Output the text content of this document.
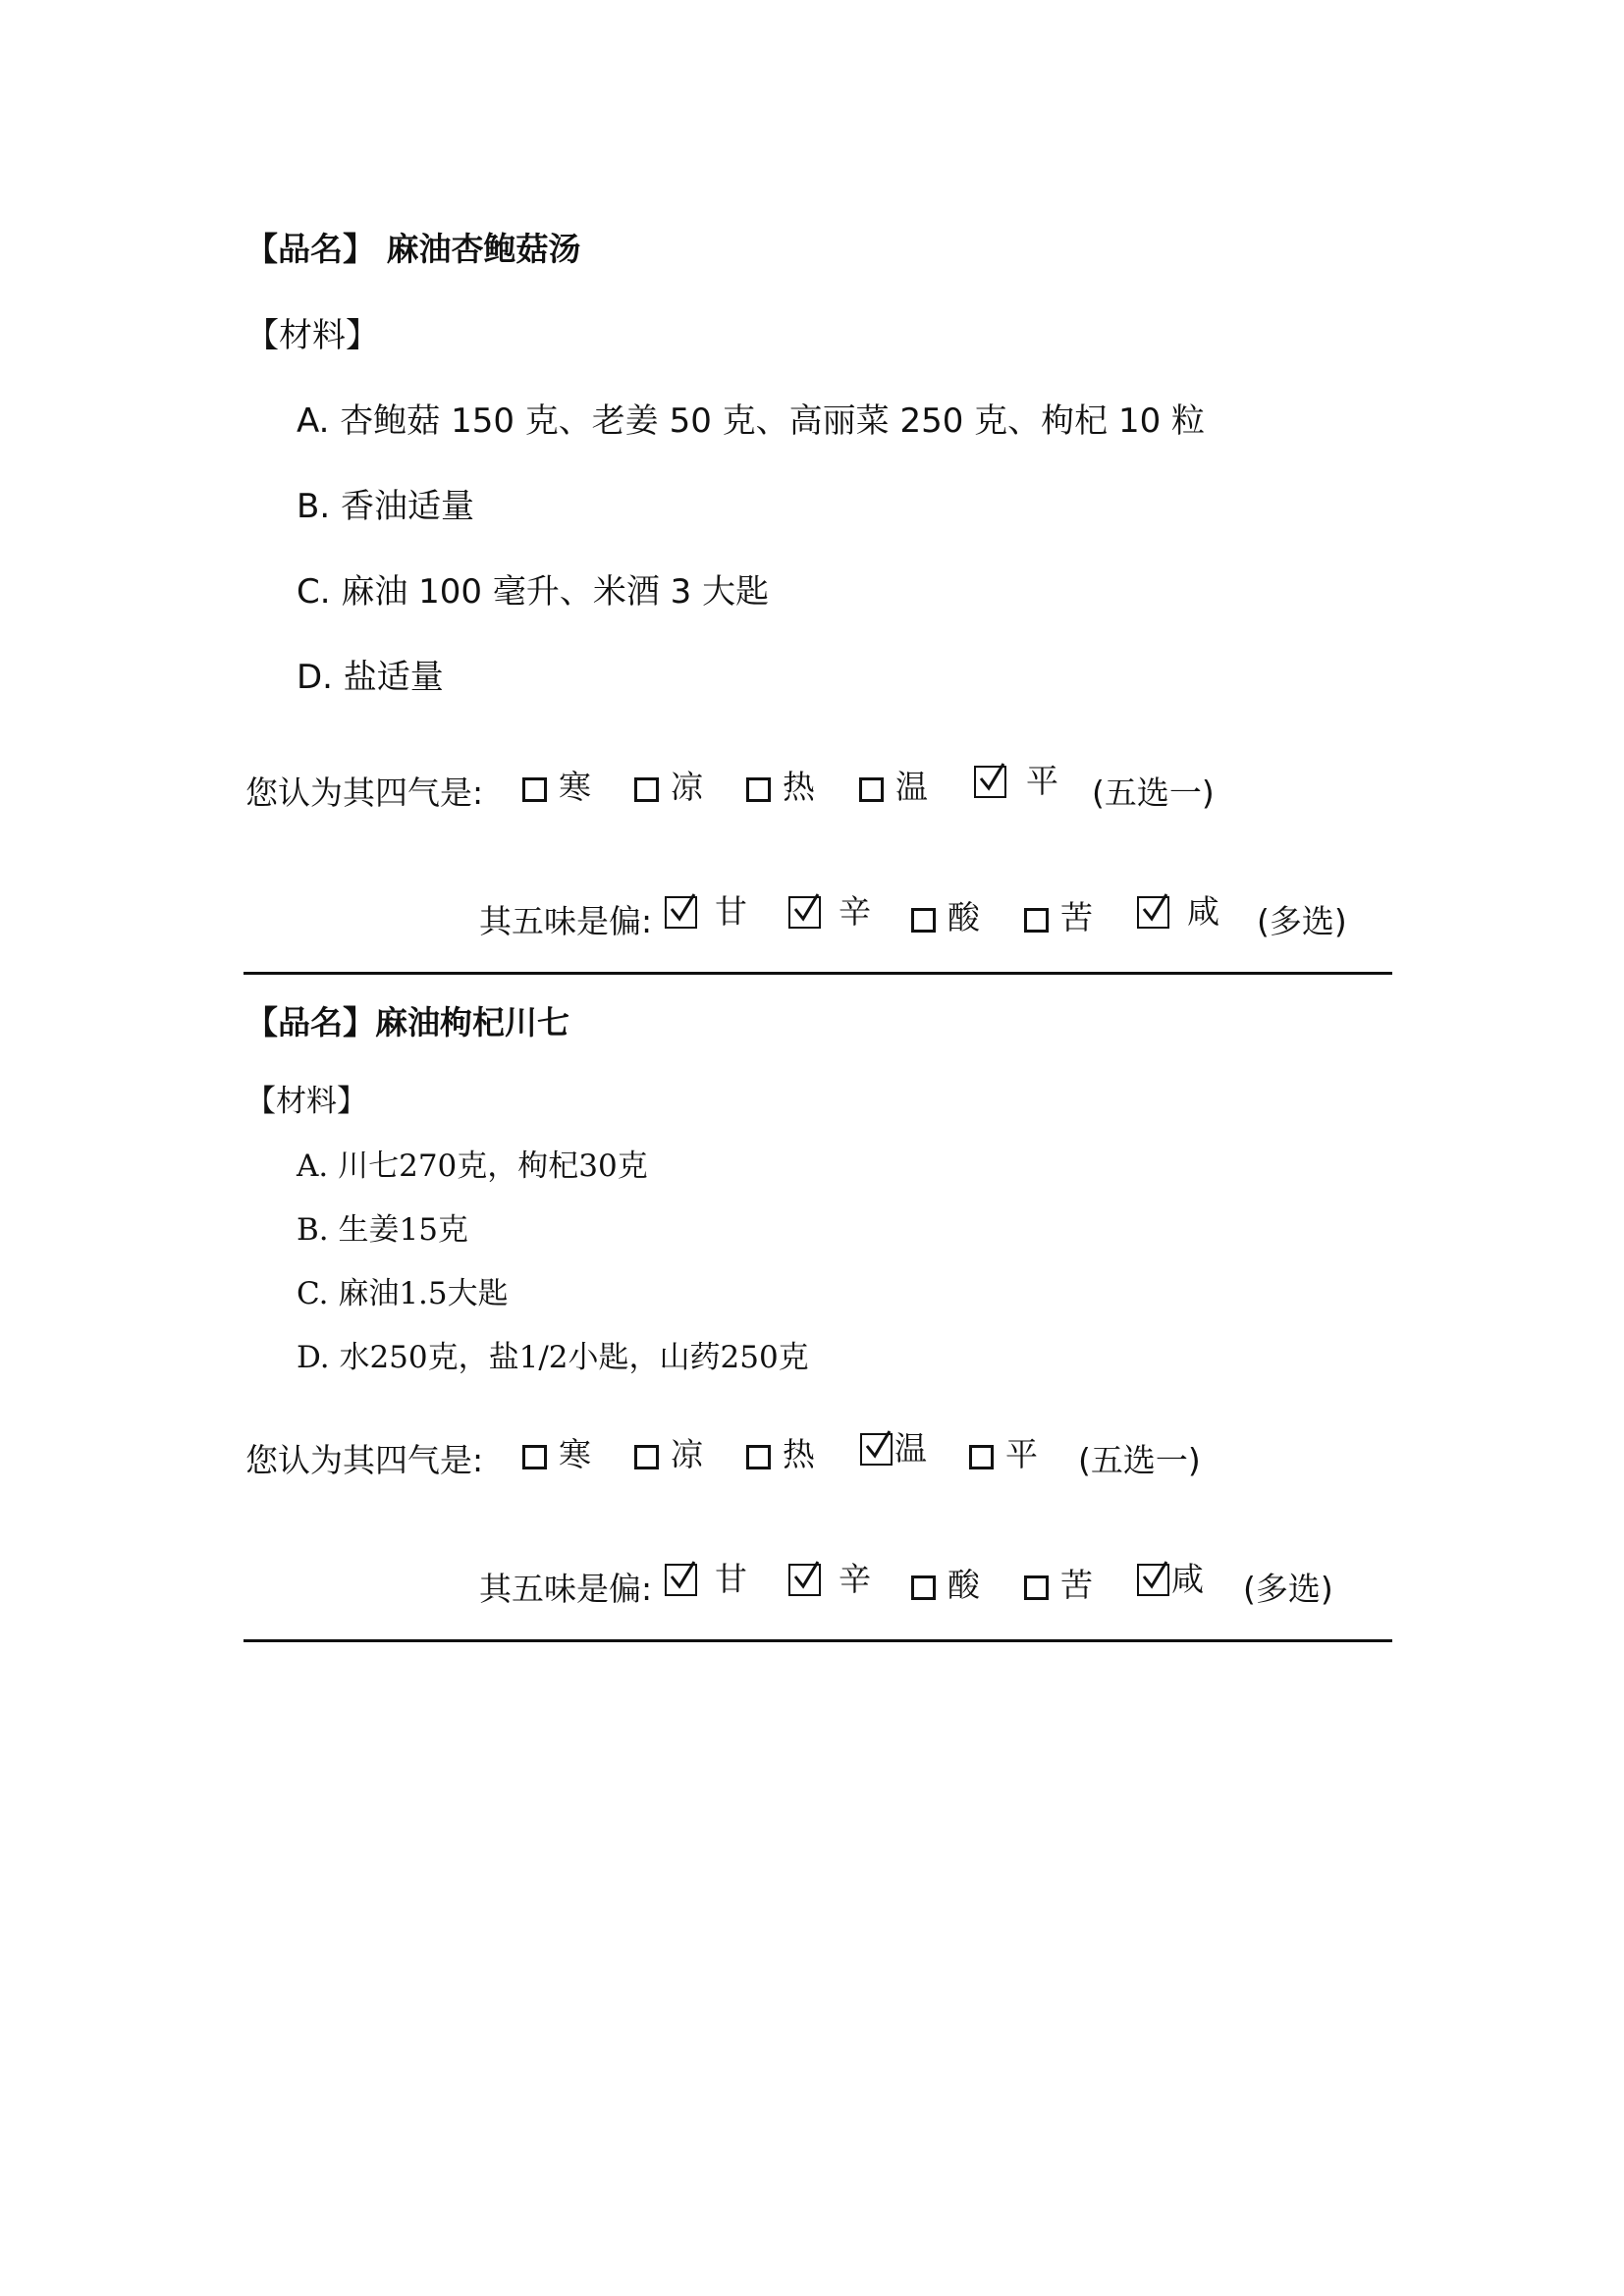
【品名】 麻油杏鲍菇汤
【材料】
A. 杏鲍菇 150 克、老姜 50 克、高丽菜 250 克、枸杞 10 粒
B. 香油适量
C. 麻油 100 毫升、米酒 3 大匙
D. 盐适量
您认为其四气是: 寒 凉 热 温	平 (五选一)
其五味是偏: 甘	辛 酸 苦	咸 (多选)
【品名】麻油枸杞川七
【材料】
A. 川七270克，枸杞30克
B. 生姜15克
C. 麻油1.5大匙
D. 水250克，盐1/2小匙，山药250克
您认为其四气是: 寒 凉 热 温 平 (五选一)
其五味是偏: 甘	辛 酸 苦 咸 (多选)
